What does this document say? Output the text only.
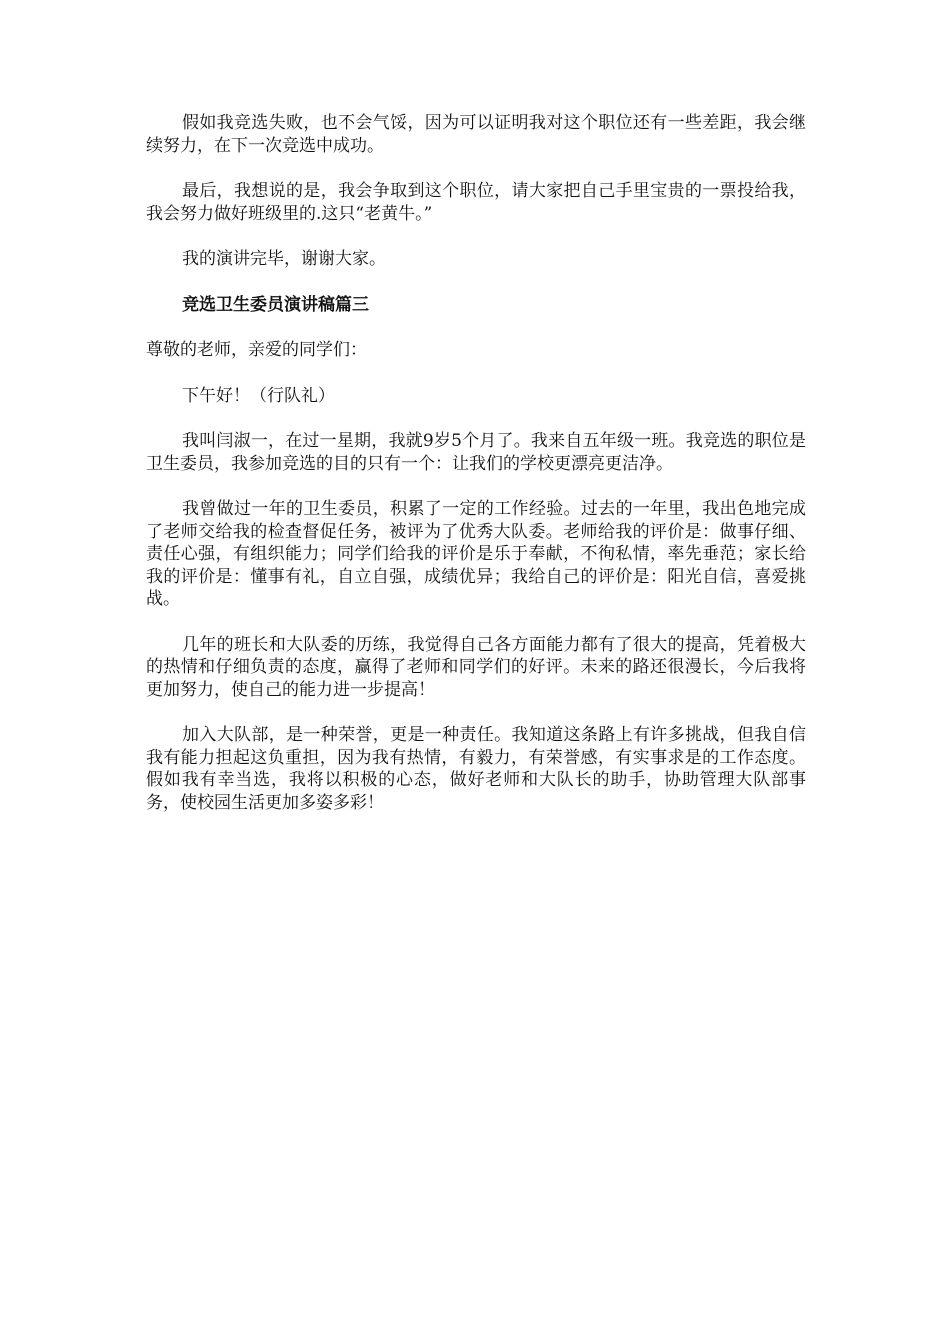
假如我竞选失败，也不会气馁，因为可以证明我对这个职位还有一些差距，我会继续努力，在下一次竞选中成功。

最后，我想说的是，我会争取到这个职位，请大家把自己手里宝贵的一票投给我，我会努力做好班级里的.这只“老黄牛。”

我的演讲完毕，谢谢大家。

竞选卫生委员演讲稿篇三

尊敬的老师，亲爱的同学们：

下午好！（行队礼）

我叫闫淑一，在过一星期，我就9岁5个月了。我来自五年级一班。我竞选的职位是卫生委员，我参加竞选的目的只有一个：让我们的学校更漂亮更洁净。

我曾做过一年的卫生委员，积累了一定的工作经验。过去的一年里，我出色地完成了老师交给我的检查督促任务，被评为了优秀大队委。老师给我的评价是：做事仔细、责任心强，有组织能力；同学们给我的评价是乐于奉献，不徇私情，率先垂范；家长给我的评价是：懂事有礼，自立自强，成绩优异；我给自己的评价是：阳光自信，喜爱挑战。

几年的班长和大队委的历练，我觉得自己各方面能力都有了很大的提高，凭着极大的热情和仔细负责的态度，赢得了老师和同学们的好评。未来的路还很漫长，今后我将更加努力，使自己的能力进一步提高！

加入大队部，是一种荣誉，更是一种责任。我知道这条路上有许多挑战，但我自信我有能力担起这负重担，因为我有热情，有毅力，有荣誉感，有实事求是的工作态度。假如我有幸当选，我将以积极的心态，做好老师和大队长的助手，协助管理大队部事务，使校园生活更加多姿多彩！
